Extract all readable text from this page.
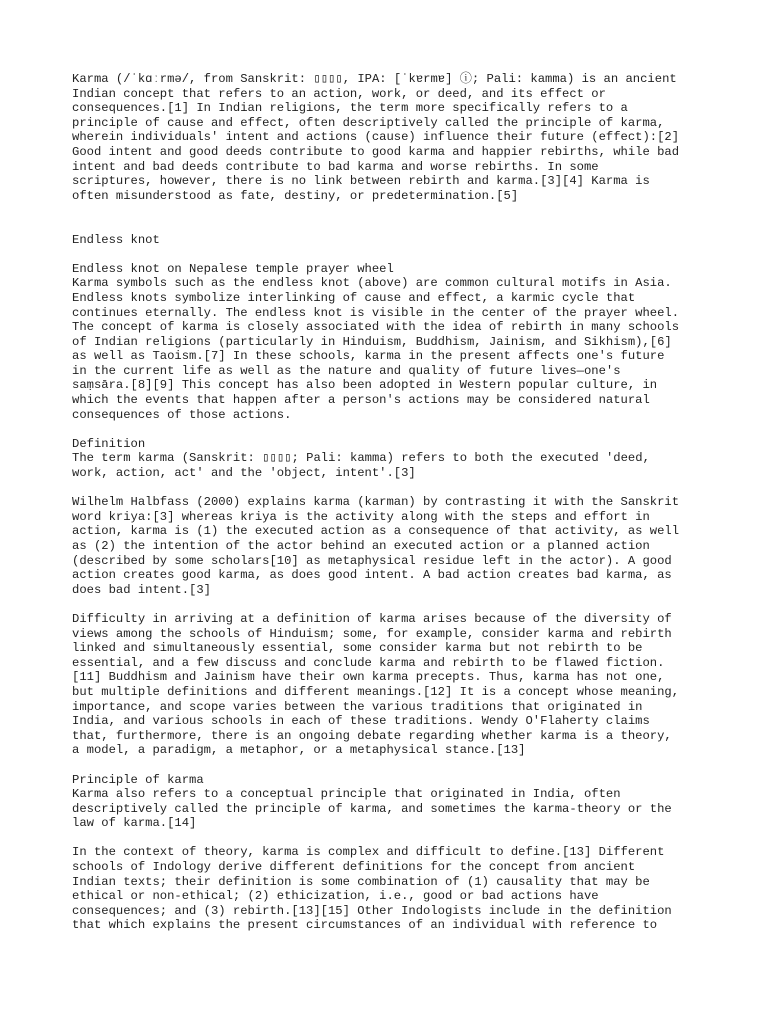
Karma (/ˈkɑːrmə/, from Sanskrit: ▯▯▯▯, IPA: [ˈkɐrmɐ] ⓘ; Pali: kamma) is an ancient
Indian concept that refers to an action, work, or deed, and its effect or
consequences.[1] In Indian religions, the term more specifically refers to a
principle of cause and effect, often descriptively called the principle of karma,
wherein individuals' intent and actions (cause) influence their future (effect):[2]
Good intent and good deeds contribute to good karma and happier rebirths, while bad
intent and bad deeds contribute to bad karma and worse rebirths. In some
scriptures, however, there is no link between rebirth and karma.[3][4] Karma is
often misunderstood as fate, destiny, or predetermination.[5]
Endless knot
Endless knot on Nepalese temple prayer wheel
Karma symbols such as the endless knot (above) are common cultural motifs in Asia.
Endless knots symbolize interlinking of cause and effect, a karmic cycle that
continues eternally. The endless knot is visible in the center of the prayer wheel.
The concept of karma is closely associated with the idea of rebirth in many schools
of Indian religions (particularly in Hinduism, Buddhism, Jainism, and Sikhism),[6]
as well as Taoism.[7] In these schools, karma in the present affects one's future
in the current life as well as the nature and quality of future lives—one's
saṃsāra.[8][9] This concept has also been adopted in Western popular culture, in
which the events that happen after a person's actions may be considered natural
consequences of those actions.
Definition
The term karma (Sanskrit: ▯▯▯▯; Pali: kamma) refers to both the executed 'deed,
work, action, act' and the 'object, intent'.[3]
Wilhelm Halbfass (2000) explains karma (karman) by contrasting it with the Sanskrit
word kriya:[3] whereas kriya is the activity along with the steps and effort in
action, karma is (1) the executed action as a consequence of that activity, as well
as (2) the intention of the actor behind an executed action or a planned action
(described by some scholars[10] as metaphysical residue left in the actor). A good
action creates good karma, as does good intent. A bad action creates bad karma, as
does bad intent.[3]
Difficulty in arriving at a definition of karma arises because of the diversity of
views among the schools of Hinduism; some, for example, consider karma and rebirth
linked and simultaneously essential, some consider karma but not rebirth to be
essential, and a few discuss and conclude karma and rebirth to be flawed fiction.
[11] Buddhism and Jainism have their own karma precepts. Thus, karma has not one,
but multiple definitions and different meanings.[12] It is a concept whose meaning,
importance, and scope varies between the various traditions that originated in
India, and various schools in each of these traditions. Wendy O'Flaherty claims
that, furthermore, there is an ongoing debate regarding whether karma is a theory,
a model, a paradigm, a metaphor, or a metaphysical stance.[13]
Principle of karma
Karma also refers to a conceptual principle that originated in India, often
descriptively called the principle of karma, and sometimes the karma-theory or the
law of karma.[14]
In the context of theory, karma is complex and difficult to define.[13] Different
schools of Indology derive different definitions for the concept from ancient
Indian texts; their definition is some combination of (1) causality that may be
ethical or non-ethical; (2) ethicization, i.e., good or bad actions have
consequences; and (3) rebirth.[13][15] Other Indologists include in the definition
that which explains the present circumstances of an individual with reference to
